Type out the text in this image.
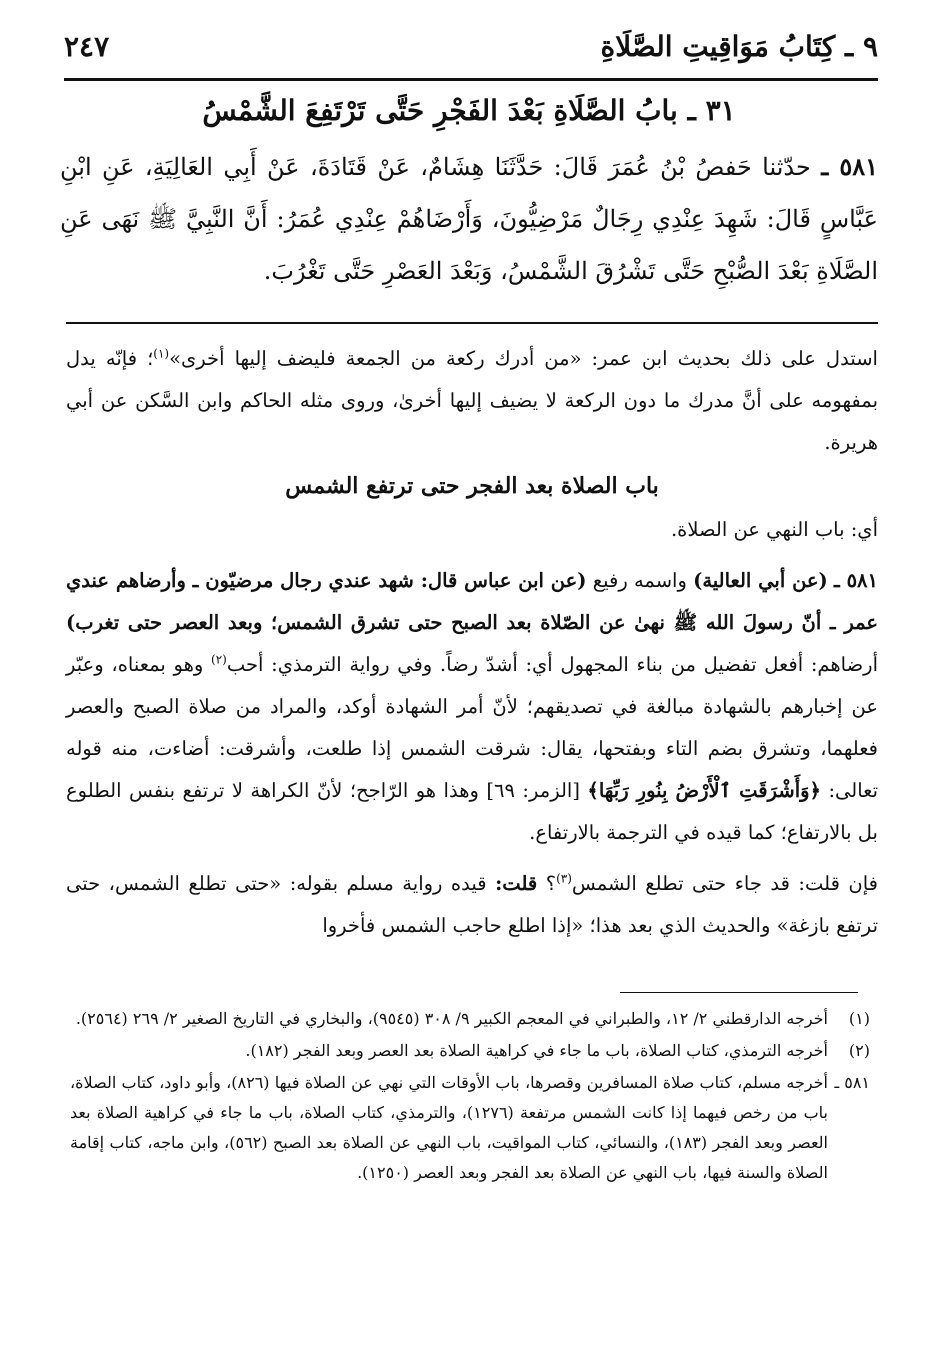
٩ ـ كِتَابُ مَوَاقِيتِ الصَّلَاةِ
٢٤٧
٣١ ـ بابُ الصَّلَاةِ بَعْدَ الفَجْرِ حَتَّى تَرْتَفِعَ الشَّمْسُ

٥٨١ ـ حدّثنا حَفصُ بْنُ عُمَرَ قَالَ: حَدَّثَنَا هِشَامٌ، عَنْ قَتَادَةَ، عَنْ أَبِي العَالِيَةِ، عَنِ ابْنِ عَبَّاسٍ قَالَ: شَهِدَ عِنْدِي رِجَالٌ مَرْضِيُّونَ، وَأَرْضَاهُمْ عِنْدِي عُمَرُ: أَنَّ النَّبِيَّ ﷺ نَهَى عَنِ الصَّلَاةِ بَعْدَ الصُّبْحِ حَتَّى تَشْرُقَ الشَّمْسُ، وَبَعْدَ العَصْرِ حَتَّى تَغْرُبَ.

استدل على ذلك بحديث ابن عمر: «من أدرك ركعة من الجمعة فليضف إليها أخرى»$^{(١)}$؛ فإنّه يدل بمفهومه على أنَّ مدرك ما دون الركعة لا يضيف إليها أخرىٰ، وروى مثله الحاكم وابن السَّكن عن أبي هريرة.

باب الصلاة بعد الفجر حتى ترتفع الشمس

أي: باب النهي عن الصلاة.

٥٨١ ـ (عن أبي العالية) واسمه رفيع (عن ابن عباس قال: شهد عندي رجال مرضيّون ـ وأرضاهم عندي عمر ـ أنّ رسولَ الله ﷺ نهىٰ عن الصّلاة بعد الصبح حتى تشرق الشمس؛ وبعد العصر حتى تغرب) أرضاهم: أفعل تفضيل من بناء المجهول أي: أشدّ رضاً. وفي رواية الترمذي: أحب$^{(٢)}$ وهو بمعناه، وعبّر عن إخبارهم بالشهادة مبالغة في تصديقهم؛ لأنّ أمر الشهادة أوكد، والمراد من صلاة الصبح والعصر فعلهما، وتشرق بضم التاء وبفتحها، يقال: شرقت الشمس إذا طلعت، وأشرقت: أضاءت، منه قوله تعالى: ﴿وَأَشْرَقَتِ ٱلْأَرْضُ بِنُورِ رَبِّهَا﴾ [الزمر: ٦٩] وهذا هو الرّاجح؛ لأنّ الكراهة لا ترتفع بنفس الطلوع بل بالارتفاع؛ كما قيده في الترجمة بالارتفاع.

فإن قلت: قد جاء حتى تطلع الشمس$^{(٣)}$؟ قلت: قيده رواية مسلم بقوله: «حتى تطلع الشمس، حتى ترتفع بازغة» والحديث الذي بعد هذا؛ «إذا اطلع حاجب الشمس فأخروا

(١)
أخرجه الدارقطني ٢/ ١٢، والطبراني في المعجم الكبير ٩/ ٣٠٨ (٩٥٤٥)، والبخاري في التاريخ الصغير ٢/ ٢٦٩ (٢٥٦٤).
(٢)
أخرجه الترمذي، كتاب الصلاة، باب ما جاء في كراهية الصلاة بعد العصر وبعد الفجر (١٨٢).
٥٨١ ـ
أخرجه مسلم، كتاب صلاة المسافرين وقصرها، باب الأوقات التي نهي عن الصلاة فيها (٨٢٦)، وأبو داود، كتاب الصلاة، باب من رخص فيهما إذا كانت الشمس مرتفعة (١٢٧٦)، والترمذي، كتاب الصلاة، باب ما جاء في كراهية الصلاة بعد العصر وبعد الفجر (١٨٣)، والنسائي، كتاب المواقيت، باب النهي عن الصلاة بعد الصبح (٥٦٢)، وابن ماجه، كتاب إقامة الصلاة والسنة فيها، باب النهي عن الصلاة بعد الفجر وبعد العصر (١٢٥٠).
